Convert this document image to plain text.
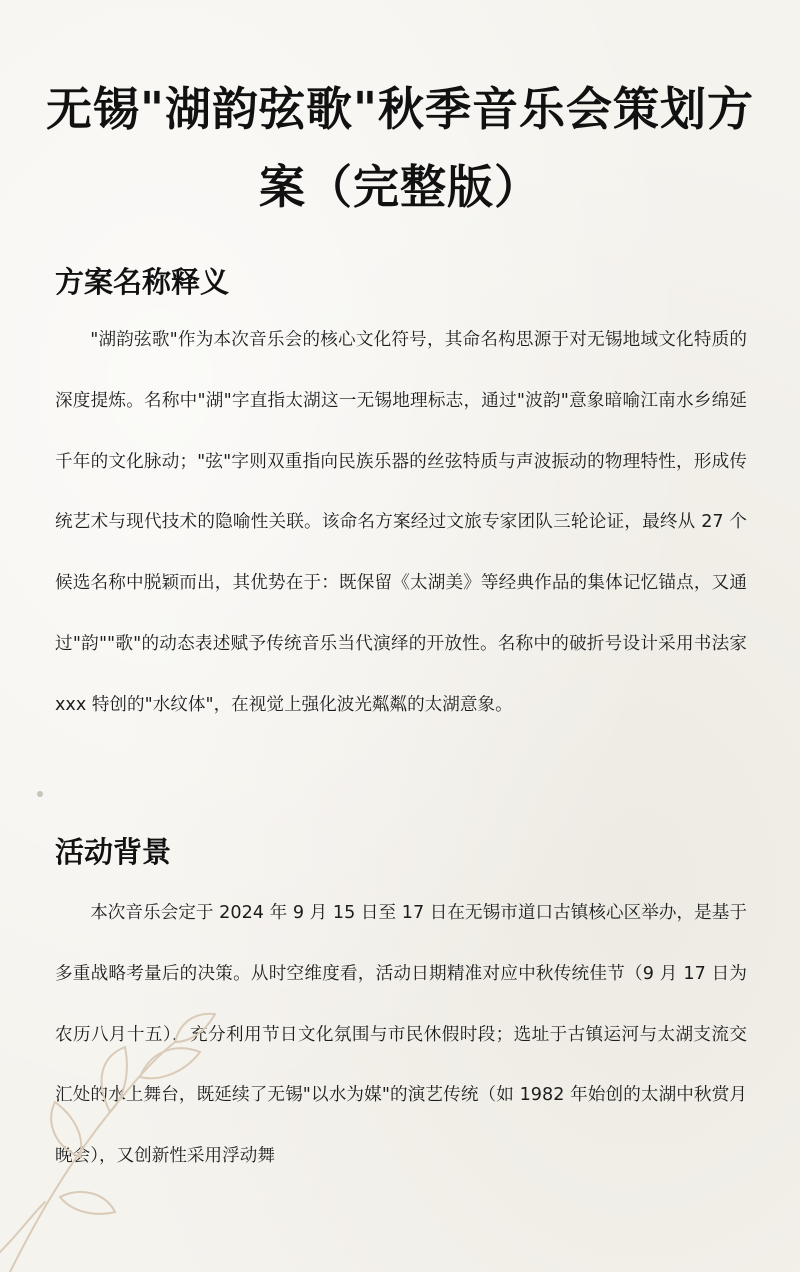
无锡"湖韵弦歌"秋季音乐会策划方案（完整版）
方案名称释义

"湖韵弦歌"作为本次音乐会的核心文化符号，其命名构思源于对无锡地域文化特质的深度提炼。名称中"湖"字直指太湖这一无锡地理标志，通过"波韵"意象暗喻江南水乡绵延千年的文化脉动；"弦"字则双重指向民族乐器的丝弦特质与声波振动的物理特性，形成传统艺术与现代技术的隐喻性关联。该命名方案经过文旅专家团队三轮论证，最终从 27 个候选名称中脱颖而出，其优势在于：既保留《太湖美》等经典作品的集体记忆锚点，又通过"韵""歌"的动态表述赋予传统音乐当代演绎的开放性。名称中的破折号设计采用书法家 xxx 特创的"水纹体"，在视觉上强化波光粼粼的太湖意象。

活动背景

本次音乐会定于 2024 年 9 月 15 日至 17 日在无锡市道口古镇核心区举办，是基于多重战略考量后的决策。从时空维度看，活动日期精准对应中秋传统佳节（9 月 17 日为农历八月十五），充分利用节日文化氛围与市民休假时段；选址于古镇运河与太湖支流交汇处的水上舞台，既延续了无锡"以水为媒"的演艺传统（如 1982 年始创的太湖中秋赏月晚会），又创新性采用浮动舞
